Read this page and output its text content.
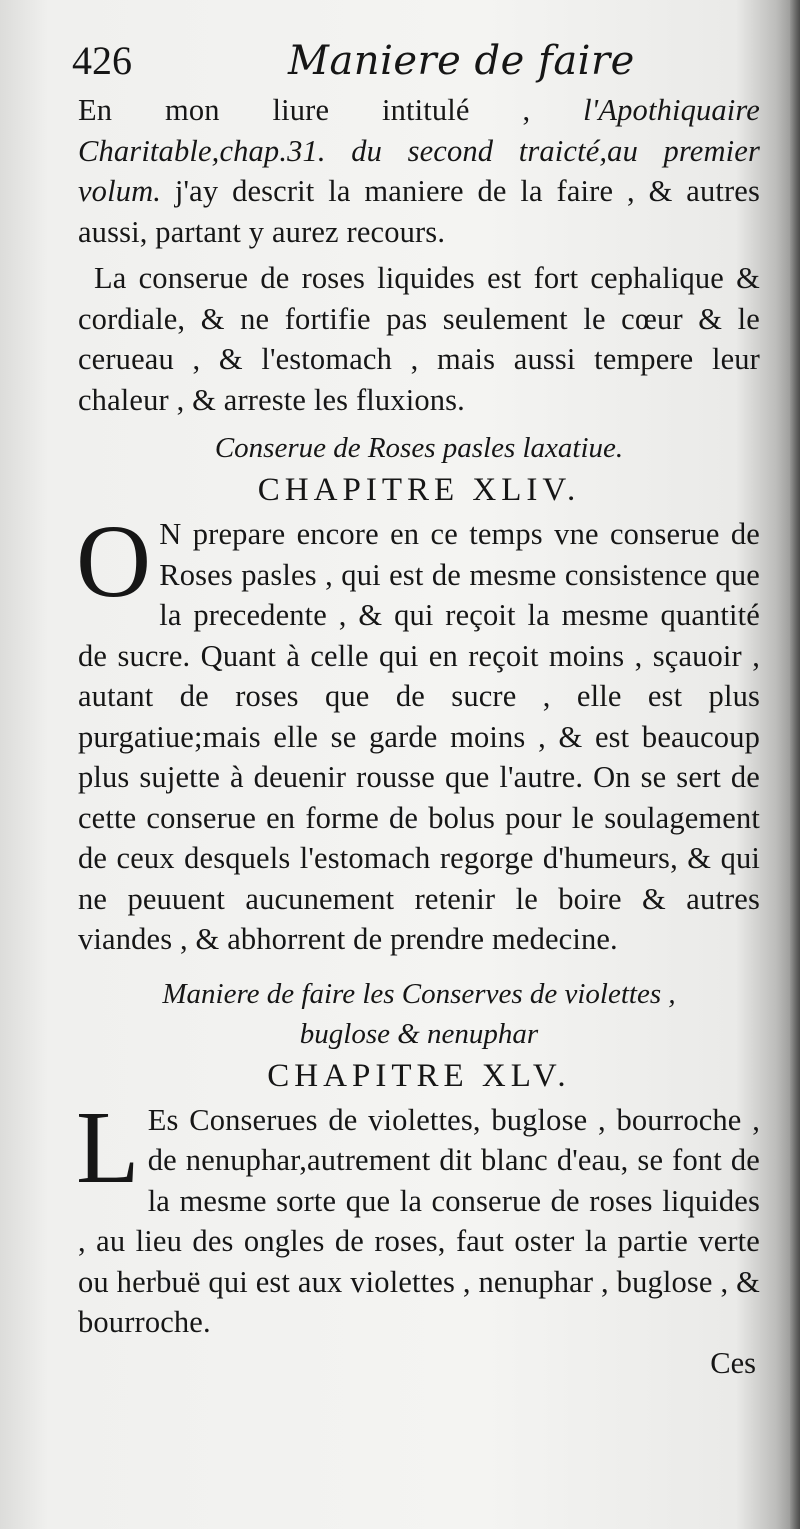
426	Maniere de faire

En mon liure intitulé , l'Apothiquaire Charitable,chap.31. du second traicté,au premier volum. j'ay descrit la maniere de la faire , & autres aussi, partant y aurez recours.

La conserue de roses liquides est fort cephalique & cordiale, & ne fortifie pas seulement le cœur & le cerueau , & l'estomach , mais aussi tempere leur chaleur , & arreste les fluxions.

Conserue de Roses pasles laxatiue.
CHAPITRE XLIV.

O N prepare encore en ce temps vne conserue de Roses pasles , qui est de mesme consistence que la precedente , & qui reçoit la mesme quantité de sucre. Quant à celle qui en reçoit moins , sçauoir , autant de roses que de sucre , elle est plus purgatiue;mais elle se garde moins , & est beaucoup plus sujette à deuenir rousse que l'autre. On se sert de cette conserue en forme de bolus pour le soulagement de ceux desquels l'estomach regorge d'humeurs, & qui ne peuuent aucunement retenir le boire & autres viandes , & abhorrent de prendre medecine.

Maniere de faire les Conserves de violettes ,
buglose & nenuphar
CHAPITRE XLV.

L Es Conserues de violettes, buglose , bourroche , de nenuphar,autrement dit blanc d'eau, se font de la mesme sorte que la conserue de roses liquides , au lieu des ongles de roses, faut oster la partie verte ou herbuë qui est aux violettes , nenuphar , buglose , & bourroche.

Ces
